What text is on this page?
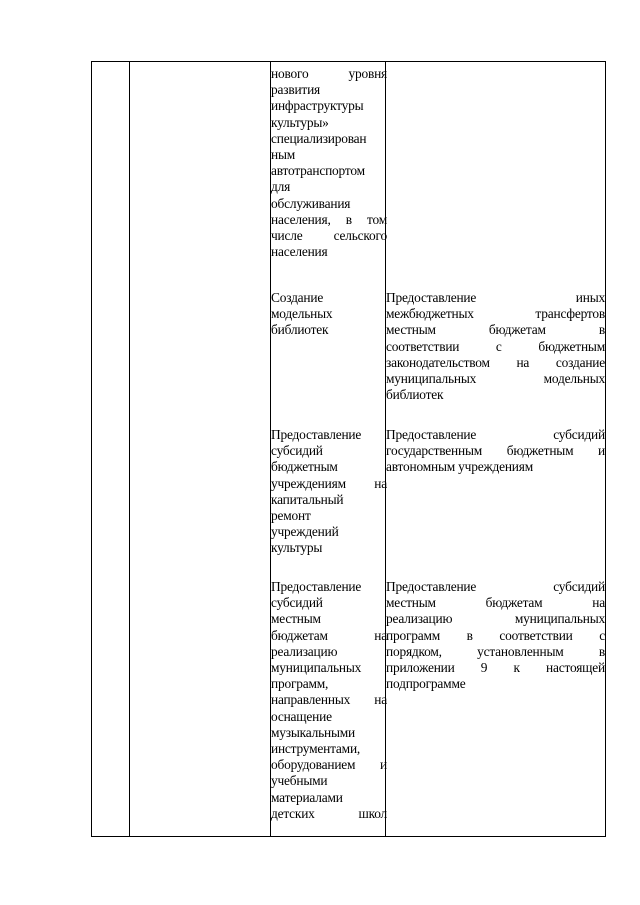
нового уровня

развития

инфраструктуры

культуры»

специализирован

ным

автотранспортом

для

обслуживания

населения, в том

числе сельского

населения

Создание

модельных

библиотек

Предоставление

субсидий

бюджетным

учреждениям на

капитальный

ремонт

учреждений

культуры

Предоставление

субсидий

местным

бюджетам на

реализацию

муниципальных

программ,

направленных на

оснащение

музыкальными

инструментами,

оборудованием и

учебными

материалами

детских школ

Предоставление иных

межбюджетных трансфертов

местным бюджетам в

соответствии с бюджетным

законодательством на создание

муниципальных модельных

библиотек

Предоставление субсидий

государственным бюджетным и

автономным учреждениям

Предоставление субсидий

местным бюджетам на

реализацию муниципальных

программ в соответствии с

порядком, установленным в

приложении 9 к настоящей

подпрограмме
